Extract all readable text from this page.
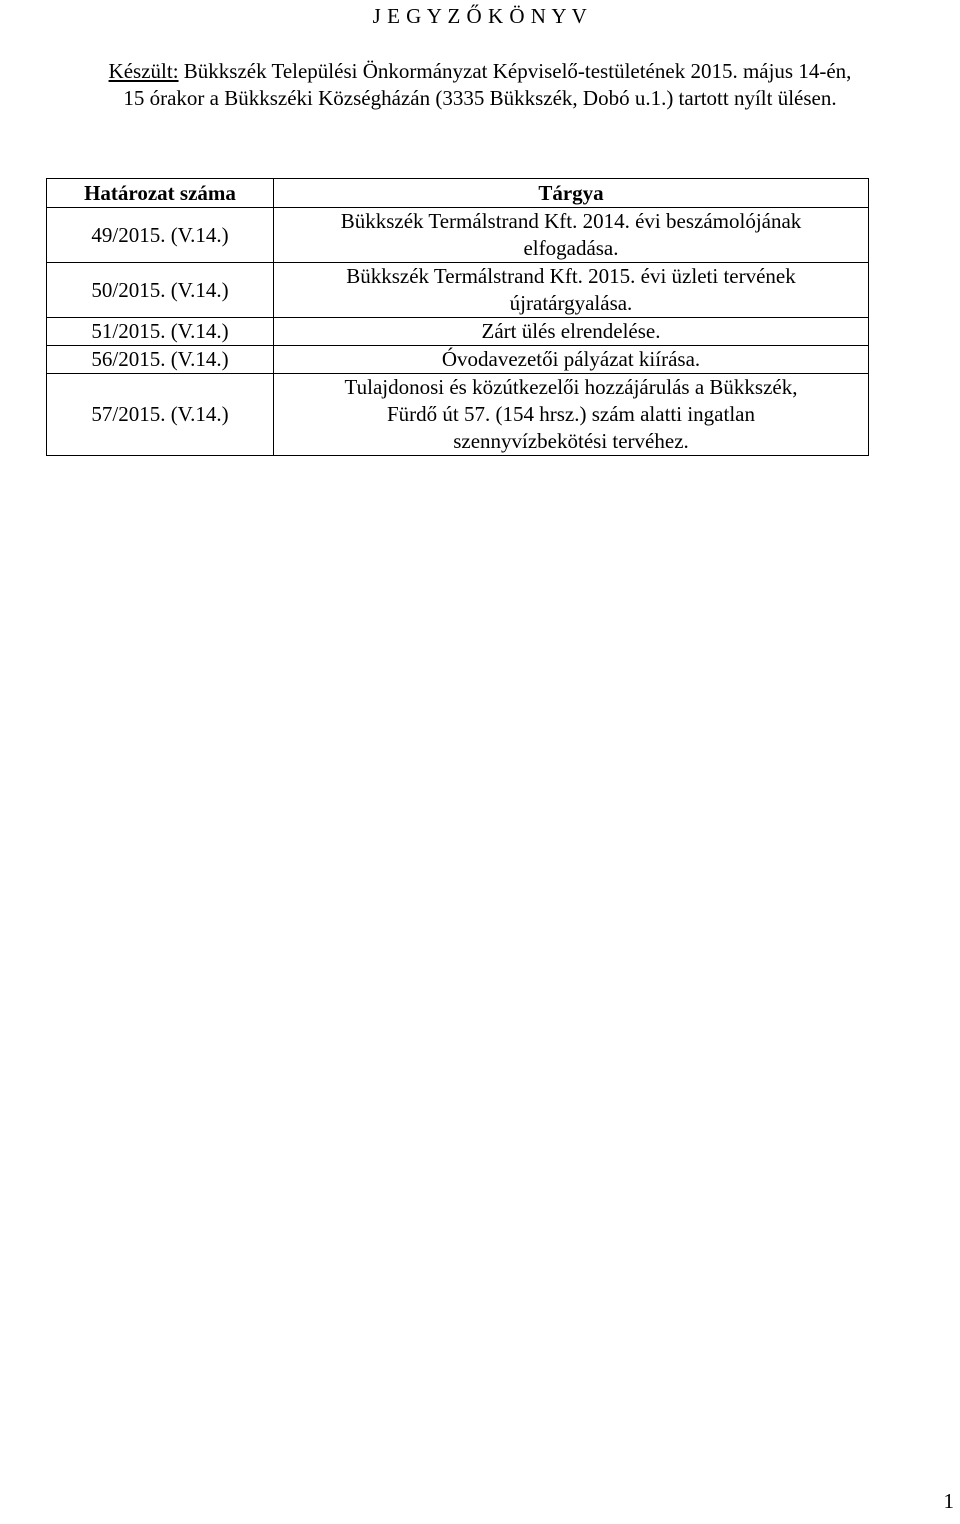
J E G Y Z Ő K Ö N Y V
Készült: Bükkszék Települési Önkormányzat Képviselő-testületének 2015. május 14-én,
15 órakor a Bükkszéki Községházán (3335 Bükkszék, Dobó u.1.) tartott nyílt ülésen.
Határozat száma	Tárgya
49/2015. (V.14.)	Bükkszék Termálstrand Kft. 2014. évi beszámolójának
elfogadása.

50/2015. (V.14.)	Bükkszék Termálstrand Kft. 2015. évi üzleti tervének
újratárgyalása.

51/2015. (V.14.)	Zárt ülés elrendelése.

56/2015. (V.14.)	Óvodavezetői pályázat kiírása.

57/2015. (V.14.)	Tulajdonosi és közútkezelői hozzájárulás a Bükkszék,
Fürdő út 57. (154 hrsz.) szám alatti ingatlan
szennyvízbekötési tervéhez.
1
